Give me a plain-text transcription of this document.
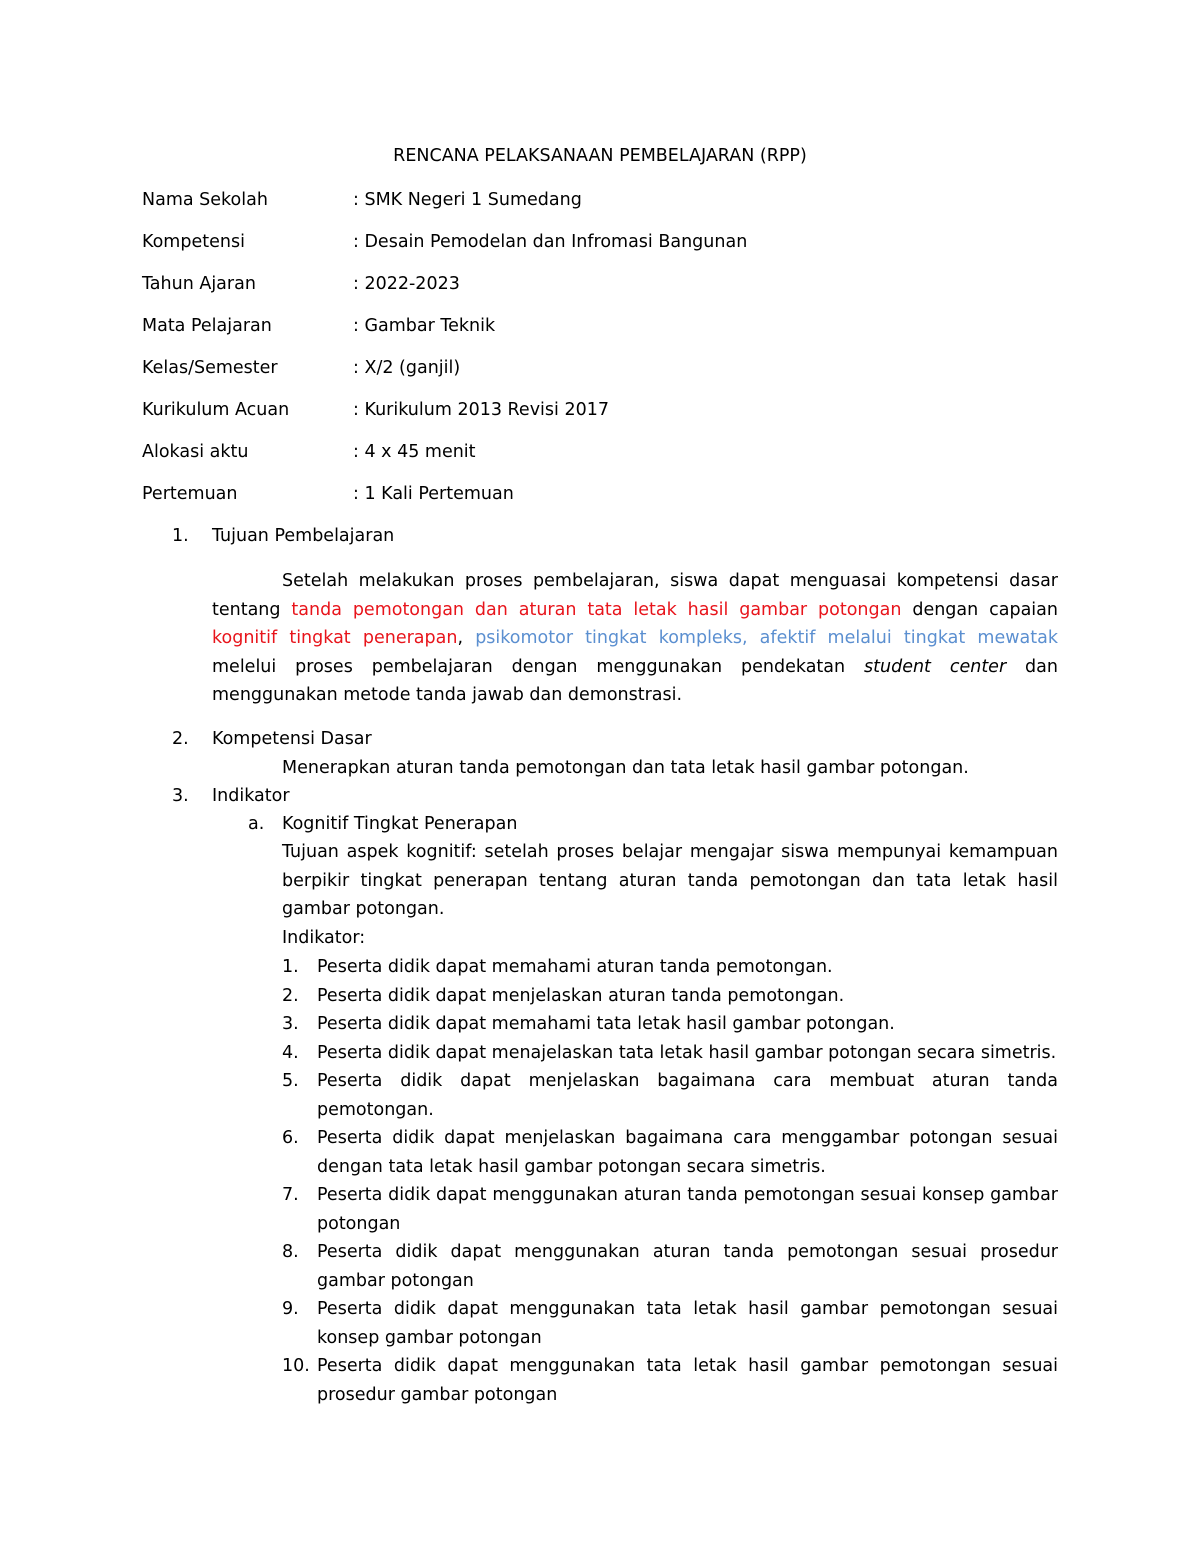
RENCANA PELAKSANAAN PEMBELAJARAN (RPP)
Nama Sekolah	: SMK Negeri 1 Sumedang
Kompetensi	: Desain Pemodelan dan Infromasi Bangunan
Tahun Ajaran	: 2022-2023
Mata Pelajaran	: Gambar Teknik
Kelas/Semester	: X/2 (ganjil)
Kurikulum Acuan	: Kurikulum 2013 Revisi 2017
Alokasi aktu	: 4 x 45 menit
Pertemuan	: 1 Kali Pertemuan
1. Tujuan Pembelajaran

Setelah melakukan proses pembelajaran, siswa dapat menguasai kompetensi dasar tentang tanda pemotongan dan aturan tata letak hasil gambar potongan dengan capaian kognitif tingkat penerapan, psikomotor tingkat kompleks, afektif melalui tingkat mewatak melelui proses pembelajaran dengan menggunakan pendekatan student center dan menggunakan metode tanda jawab dan demonstrasi.

2. Kompetensi Dasar
Menerapkan aturan tanda pemotongan dan tata letak hasil gambar potongan.
3. Indikator
a. Kognitif Tingkat Penerapan
Tujuan aspek kognitif: setelah proses belajar mengajar siswa mempunyai kemampuan berpikir tingkat penerapan tentang aturan tanda pemotongan dan tata letak hasil gambar potongan.
Indikator:
1. Peserta didik dapat memahami aturan tanda pemotongan.
2. Peserta didik dapat menjelaskan aturan tanda pemotongan.
3. Peserta didik dapat memahami tata letak hasil gambar potongan.
4. Peserta didik dapat menajelaskan tata letak hasil gambar potongan secara simetris.
5. Peserta didik dapat menjelaskan bagaimana cara membuat aturan tanda pemotongan.
6. Peserta didik dapat menjelaskan bagaimana cara menggambar potongan sesuai dengan tata letak hasil gambar potongan secara simetris.
7. Peserta didik dapat menggunakan aturan tanda pemotongan sesuai konsep gambar potongan
8. Peserta didik dapat menggunakan aturan tanda pemotongan sesuai prosedur gambar potongan
9. Peserta didik dapat menggunakan tata letak hasil gambar pemotongan sesuai konsep gambar potongan
10. Peserta didik dapat menggunakan tata letak hasil gambar pemotongan sesuai prosedur gambar potongan
